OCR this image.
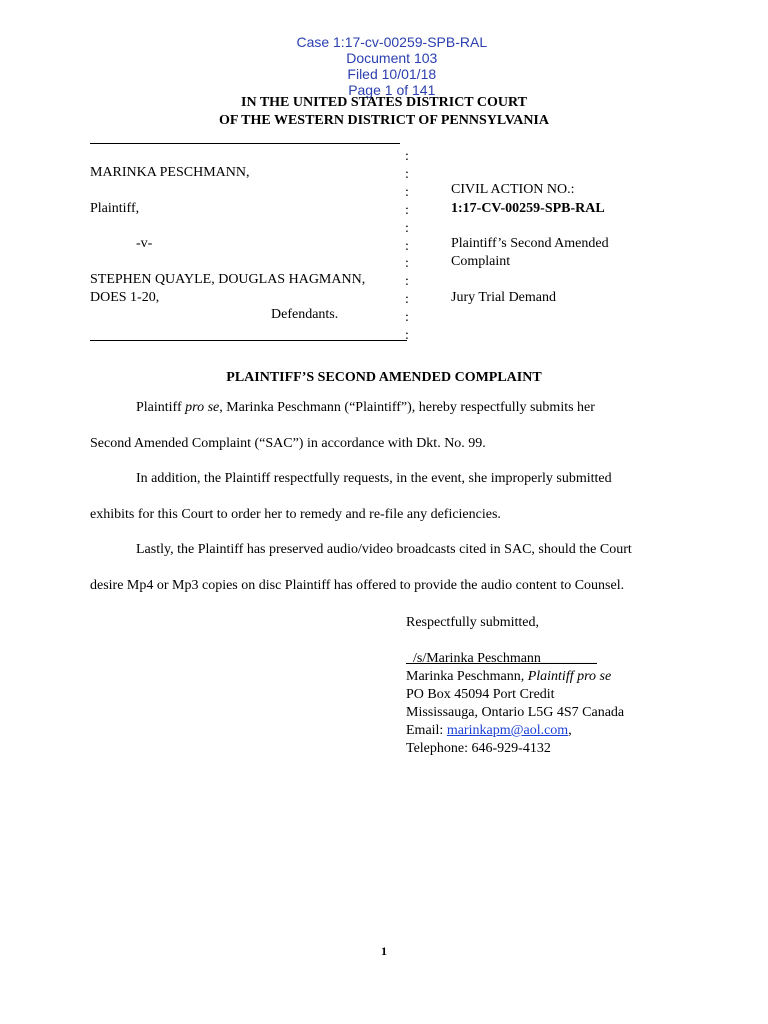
Case 1:17-cv-00259-SPB-RAL
Document 103
Filed 10/01/18
Page 1 of 141

IN THE UNITED STATES DISTRICT COURT
OF THE WESTERN DISTRICT OF PENNSYLVANIA
:
:
:
:
:
:
:
:
:
:
:
MARINKA PESCHMANN,
Plaintiff,
-v-
STEPHEN QUAYLE, DOUGLAS HAGMANN,
DOES 1-20,
Defendants.
CIVIL ACTION NO.:
1:17-CV-00259-SPB-RAL
Plaintiff’s Second Amended
Complaint
Jury Trial Demand
PLAINTIFF’S SECOND AMENDED COMPLAINT
Plaintiff pro se, Marinka Peschmann (“Plaintiff”), hereby respectfully submits her
Second Amended Complaint (“SAC”) in accordance with Dkt. No. 99.
In addition, the Plaintiff respectfully requests, in the event, she improperly submitted
exhibits for this Court to order her to remedy and re-file any deficiencies.
Lastly, the Plaintiff has preserved audio/video broadcasts cited in SAC, should the Court
desire Mp4 or Mp3 copies on disc Plaintiff has offered to provide the audio content to Counsel.
Respectfully submitted,
/s/Marinka Peschmann________
Marinka Peschmann, Plaintiff pro se
PO Box 45094 Port Credit
Mississauga, Ontario L5G 4S7 Canada
Email: marinkapm@aol.com,
Telephone: 646-929-4132
1
